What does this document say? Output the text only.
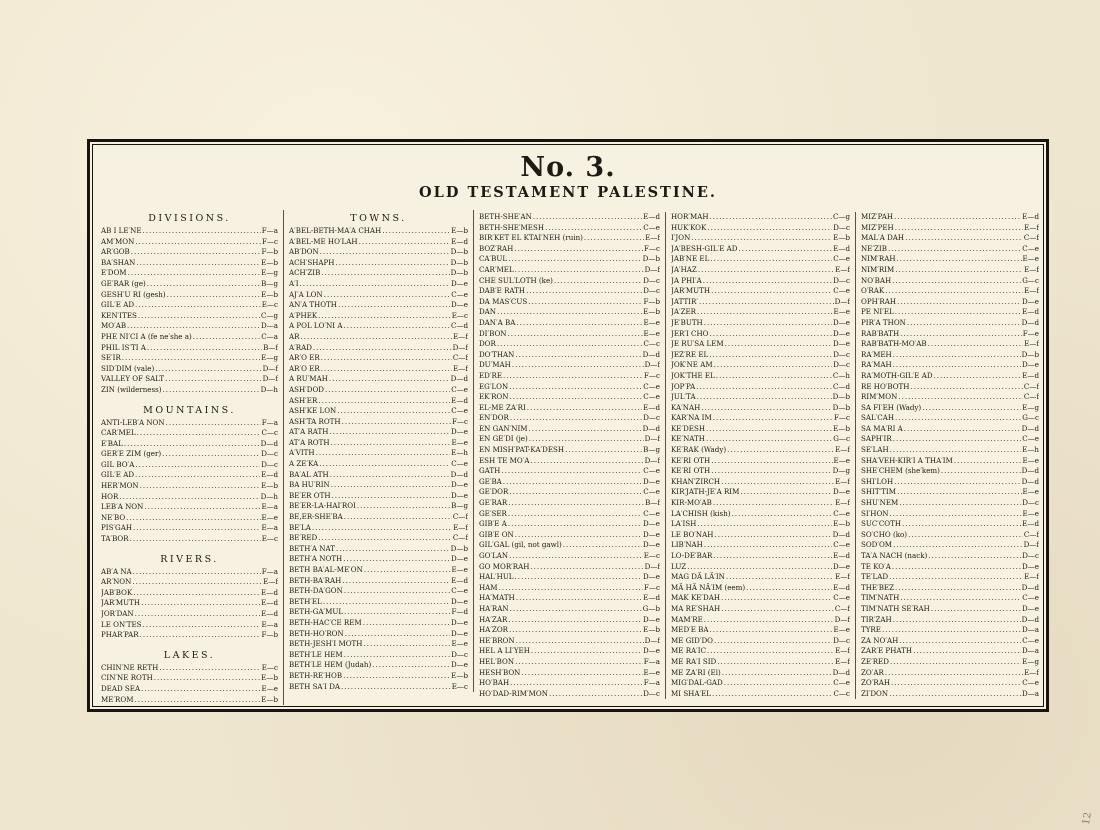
12
No. 3.
OLD TESTAMENT PALESTINE.
DIVISIONS.
AB I LE′NE .....	F—a
AM′MON .....	F—c
AR′GOB .....	F—b
BA′SHAN .....	E—b
E′DOM .....	E—g
GE′RAR (ge) .....	B—g
GESH′U RI (gesh) .....	E—b
GIL′E AD .....	E—c
KEN′ITES .....	C—g
MO′AB .....	D—a
PHE NI′CI A (fe ne′she a) .....	C—a
PHIL IS′TI A .....	B—f
SE′IR .....	E—g
SID′DIM (vale) .....	D—f
VALLEY OF SALT .....	D—f
ZIN (wilderness) .....	D—h
MOUNTAINS.
ANTI-LEB′A NON .....	F—a
CAR′MEL .....	C—c
E′BAL .....	D—d
GER′E ZIM (ger) .....	D—c
GIL BO′A .....	D—c
GIL′E AD .....	E—d
HER′MON .....	E—b
HOR .....	D—h
LEB′A NON .....	E—a
NE′BO .....	E—e
PIS′GAH .....	E—a
TA′BOR .....	E—c
RIVERS.
AB′A NA .....	F—a
AR′NON .....	E—f
JAB′BOK .....	E—d
JAR′MUTH .....	E—d
JOR′DAN .....	E—d
LE ON′TES .....	E—a
PHAR′PAR .....	F—b
LAKES.
CHIN′NE RETH .....	E—c
CIN′NE ROTH .....	E—b
DEAD SEA .....	E—e
ME′ROM .....	E—b
TOWNS.
A′BEL-BETH-MA′A CHAH .....	E—b
A′BEL-ME HO′LAH .....	E—d
AB′DON .....	D—b
ACH′SHAPH .....	D—b
ACH′ZIB .....	D—b
A′I .....	D—e
AJ′A LON .....	C—e
AN′A THOTH .....	D—e
A′PHEK .....	E—c
A POL LO′NI A .....	C—d
AR .....	E—f
A′RAD .....	D—f
AR′O ER .....	C—f
AR′O ER .....	E—f
A RU′MAH .....	D—d
ASH′DOD .....	C—e
ASH′ER .....	E—d
ASH′KE LON .....	C—e
ASH′TA ROTH .....	F—c
AT′A RATH .....	D—e
AT′A ROTH .....	E—e
A′VITH .....	E—h
A ZE′KA .....	C—e
BA′AL ATH .....	D—d
BA HU′RIN .....	D—e
BE′ER OTH .....	D—e
BE′ER-LA-HAI′ROI .....	B—g
BE,ER-SHE′BA .....	C—f
BE′LA .....	E—f
BE′RED .....	C—f
BETH′A NAT .....	D—b
BETH′A NOTH .....	D—e
BETH BA′AL-ME′ON .....	E—e
BETH-BA′RAH .....	E—d
BETH-DA′GON .....	C—e
BETH′EL .....	D—e
BETH-GA′MUL .....	F—d
BETH-HAC′CE REM .....	D—e
BETH-HO′RON .....	D—e
BETH-JESH′I MOTH .....	E—e
BETH′LE HEM .....	D—c
BETH′LE HEM (Judah) .....	D—e
BETH-RE′HOB .....	E—b
BETH SA′I DA .....	E—c
BETH-SHE′AN .....	E—d
BETH-SHE′MESH .....	C—e
BIR′KET EL KTAI′NEH (ruin) .....	E—f
BOZ′RAH .....	F—c
CA′BUL .....	D—b
CAR′MEL .....	D—f
CHE SUL′LOTH (ke) .....	D—c
DAB′E RATH .....	D—c
DA MAS′CUS .....	F—b
DAN .....	E—b
DAN′A BA .....	E—e
DI′BON .....	E—e
DOR .....	C—c
DO′THAN .....	D—d
DU′MAH .....	D—f
ED′RE .....	F—c
EG′LON .....	C—e
EK′RON .....	C—e
EL-ME ZA′RI .....	E—d
EN′DOR .....	D—c
EN GAN′NIM .....	D—d
EN GE′DI (je) .....	D—f
EN MISH′PAT-KA′DESH .....	B—g
ESH TE MO′A .....	D—f
GATH .....	C—e
GE′BA .....	D—e
GE′DOR .....	C—e
GE′RAR .....	B—f
GE′SER .....	C—e
GIB′E A .....	D—e
GIB′E ON .....	D—e
GIL′GAL (gil, not gawl) .....	D—e
GO′LAN .....	E—c
GO MOR′RAH .....	D—f
HAL′HUL .....	D—e
HAM .....	F—c
HA′MATH .....	E—d
HA′RAN .....	G—b
HA′ZAR .....	D—e
HA′ZOR .....	E—b
HE′BRON .....	D—f
HEL A LI′YEH .....	D—e
HEL′BON .....	F—a
HESH′BON .....	E—e
HO′BAH .....	F—a
HO′DAD-RIM′MON .....	D—c
HOR′MAH .....	C—g
HUK′KOK .....	D—c
I′JON .....	E—b
JA′BESH-GIL′E AD .....	E—d
JAB′NE EL .....	C—e
JA′HAZ .....	E—f
JA PHI′A .....	D—c
JAR′MUTH .....	C—e
JATTIR′ .....	D—f
JA′ZER .....	E—e
JE′BUTH .....	D—e
JER′I CHO .....	D—e
JE RU′SA LEM .....	D—e
JEZ′RE EL .....	D—c
JOK′NE AM .....	D—c
JOK′THE EL .....	C—h
JOP′PA .....	C—d
JUL′TA .....	D—b
KA′NAH .....	D—b
KAR′NA IM .....	F—c
KE′DESH .....	E—b
KE′NATH .....	G—c
KE′RAK (Wady) .....	E—f
KE′RI OTH .....	E—e
KE′RI OTH .....	D—g
KHAN′ZIRCH .....	E—f
KIR′JATH-JE′A RIM .....	D—e
KIR-MO′AB .....	E—f
LA′CHISH (kish) .....	C—e
LA′ISH .....	E—b
LE BO′NAH .....	D—d
LIB′NAH .....	C—e
LO-DE′BAR .....	E—d
LUZ .....	D—e
MAG DÄ LÄ′IN .....	E—f
MÄ HÄ NÄ′IM (eem) .....	E—d
MAK KE′DAH .....	C—e
MA RE′SHAH .....	C—f
MAM′RE .....	D—f
MED′E BA .....	E—e
ME GID′DO .....	D—c
ME RA′IC .....	E—f
ME RA′I SID .....	E—f
ME ZA′RI (El) .....	D—d
MIG′DAL-GAD .....	C—e
MI SHA′EL .....	C—c
MIZ′PAH .....	E—d
MIZ′PEH .....	E—f
MAL′A DAH .....	C—f
NE′ZIB .....	C—e
NIM′RAH .....	E—e
NIM′RIM .....	E—f
NO′BAH .....	G—c
O′RAK .....	E—f
OPH′RAH .....	D—e
PE NI′EL .....	E—d
PIR′A THON .....	D—d
RAB′BATH .....	F—e
RAB′BATH-MO′AB .....	E—f
RA′MEH .....	D—b
RA′MAH .....	D—e
RA′MOTH-GIL′E AD .....	E—d
RE HO′BOTH .....	C—f
RIM′MON .....	C—f
SA FI′EH (Wady) .....	E—g
SAL′CAH .....	G—c
SA MA′RI A .....	D—d
SAPH′IR .....	C—e
SE′LAH .....	E—h
SHA′VEH-KIR′I A THA′IM .....	E—e
SHE′CHEM (she′kem) .....	D—d
SHI′LOH .....	D—d
SHIT′TIM .....	E—e
SHU′NEM .....	D—c
SI′HON .....	E—e
SUC′COTH .....	E—d
SO′CHO (ko) .....	C—f
SOD′OM .....	D—f
TA′A NACH (nack) .....	D—c
TE KO′A .....	D—e
TE′LAD .....	E—f
THE′BEZ .....	D—d
TIM′NATH .....	C—e
TIM′NATH SE′RAH .....	D—e
TIR′ZAH .....	D—d
TYRE .....	D—a
ZA NO′AH .....	C—e
ZAR′E PHATH .....	D—a
ZE′RED .....	E—g
ZO′AR .....	E—f
ZO′RAH .....	C—e
ZI′DON .....	D—a
